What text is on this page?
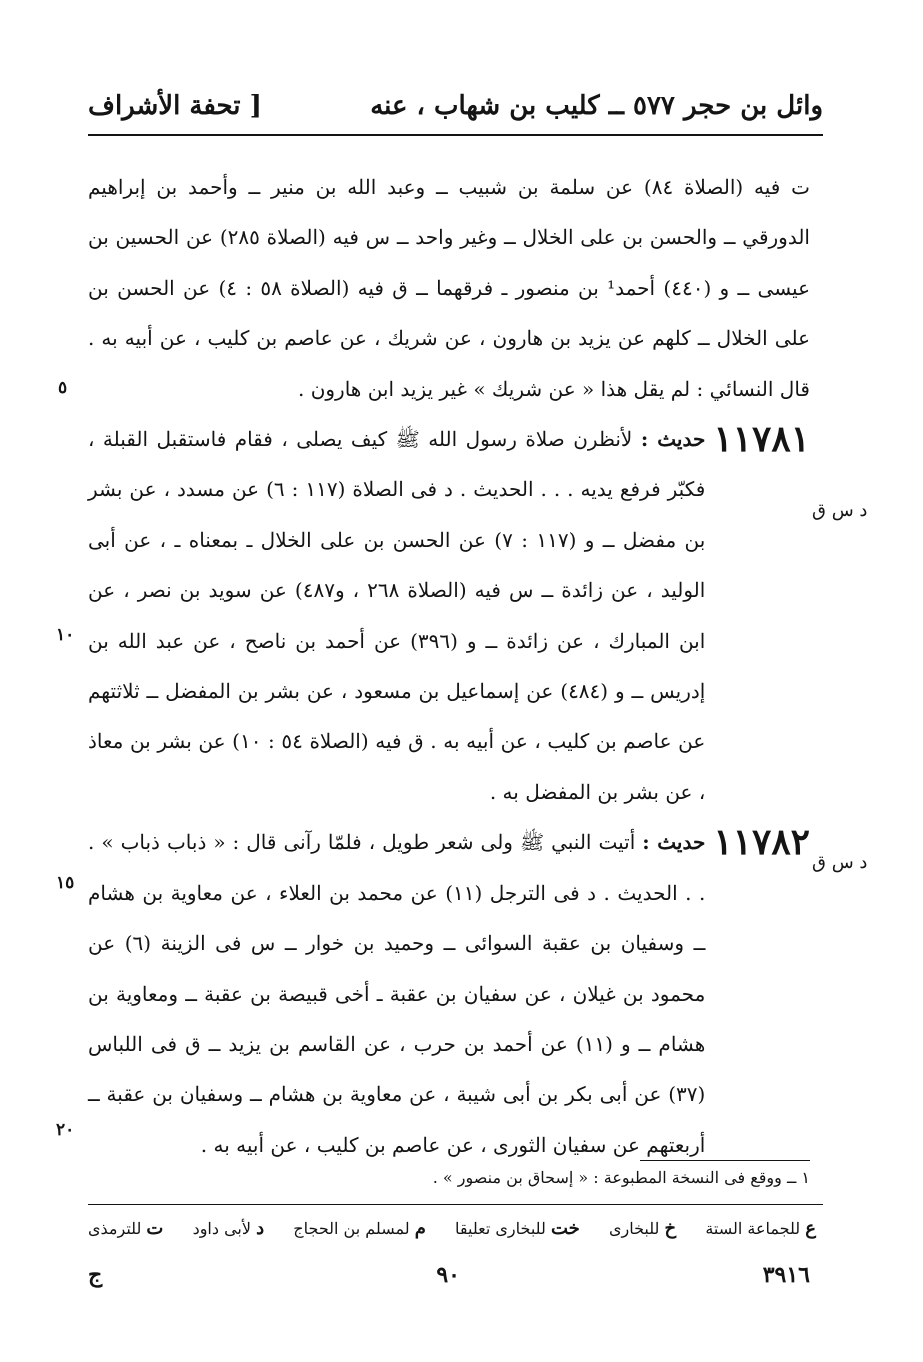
وائل بن حجر ٥٧٧ ــ كليب بن شهاب ، عنه
[ تحفة الأشراف

ت فيه (الصلاة ٨٤) عن سلمة بن شبيب ــ وعبد الله بن منير ــ وأحمد بن إبراهيم الدورقي ــ والحسن بن على الخلال ــ وغير واحد ــ س فيه (الصلاة ٢٨٥) عن الحسين بن عيسى ــ و (٤٤٠) أحمد¹ بن منصور ـ فرقهما ــ ق فيه (الصلاة ٥٨ : ٤) عن الحسن بن على الخلال ــ كلهم عن يزيد بن هارون ، عن شريك ، عن عاصم بن كليب ، عن أبيه به . قال النسائي : لم يقل هذا « عن شريك » غير يزيد ابن هارون .

١١٧٨١

حديث : لأنظرن صلاة رسول الله ﷺ كيف يصلى ، فقام فاستقبل القبلة ، فكبّر فرفع يديه . . . الحديث . د فى الصلاة (١١٧ : ٦) عن مسدد ، عن بشر بن مفضل ــ و (١١٧ : ٧) عن الحسن بن على الخلال ـ بمعناه ـ ، عن أبى الوليد ، عن زائدة ــ س فيه (الصلاة ٢٦٨ ، و٤٨٧) عن سويد بن نصر ، عن ابن المبارك ، عن زائدة ــ و (٣٩٦) عن أحمد بن ناصح ، عن عبد الله بن إدريس ــ و (٤٨٤) عن إسماعيل بن مسعود ، عن بشر بن المفضل ــ ثلاثتهم عن عاصم بن كليب ، عن أبيه به . ق فيه (الصلاة ٥٤ : ١٠) عن بشر بن معاذ ، عن بشر بن المفضل به .

١١٧٨٢

حديث : أتيت النبي ﷺ ولى شعر طويل ، فلمّا رآنى قال : « ذباب ذباب » . . . الحديث . د فى الترجل (١١) عن محمد بن العلاء ، عن معاوية بن هشام ــ وسفيان بن عقبة السوائى ــ وحميد بن خوار ــ س فى الزينة (٦) عن محمود بن غيلان ، عن سفيان بن عقبة ـ أخى قبيصة بن عقبة ــ ومعاوية بن هشام ــ و (١١) عن أحمد بن حرب ، عن القاسم بن يزيد ــ ق فى اللباس (٣٧) عن أبى بكر بن أبى شيبة ، عن معاوية بن هشام ــ وسفيان بن عقبة ــ أربعتهم عن سفيان الثورى ، عن عاصم بن كليب ، عن أبيه به .

د س ق
د س ق
٥
١٠
١٥
٢٠
١ ــ ووقع فى النسخة المطبوعة : « إسحاق بن منصور » .
ع للجماعة الستة
خ للبخارى
خت للبخارى تعليقا
م لمسلم بن الحجاج
د لأبى داود
ت للترمذى
٣٩١٦
٩٠
ج
